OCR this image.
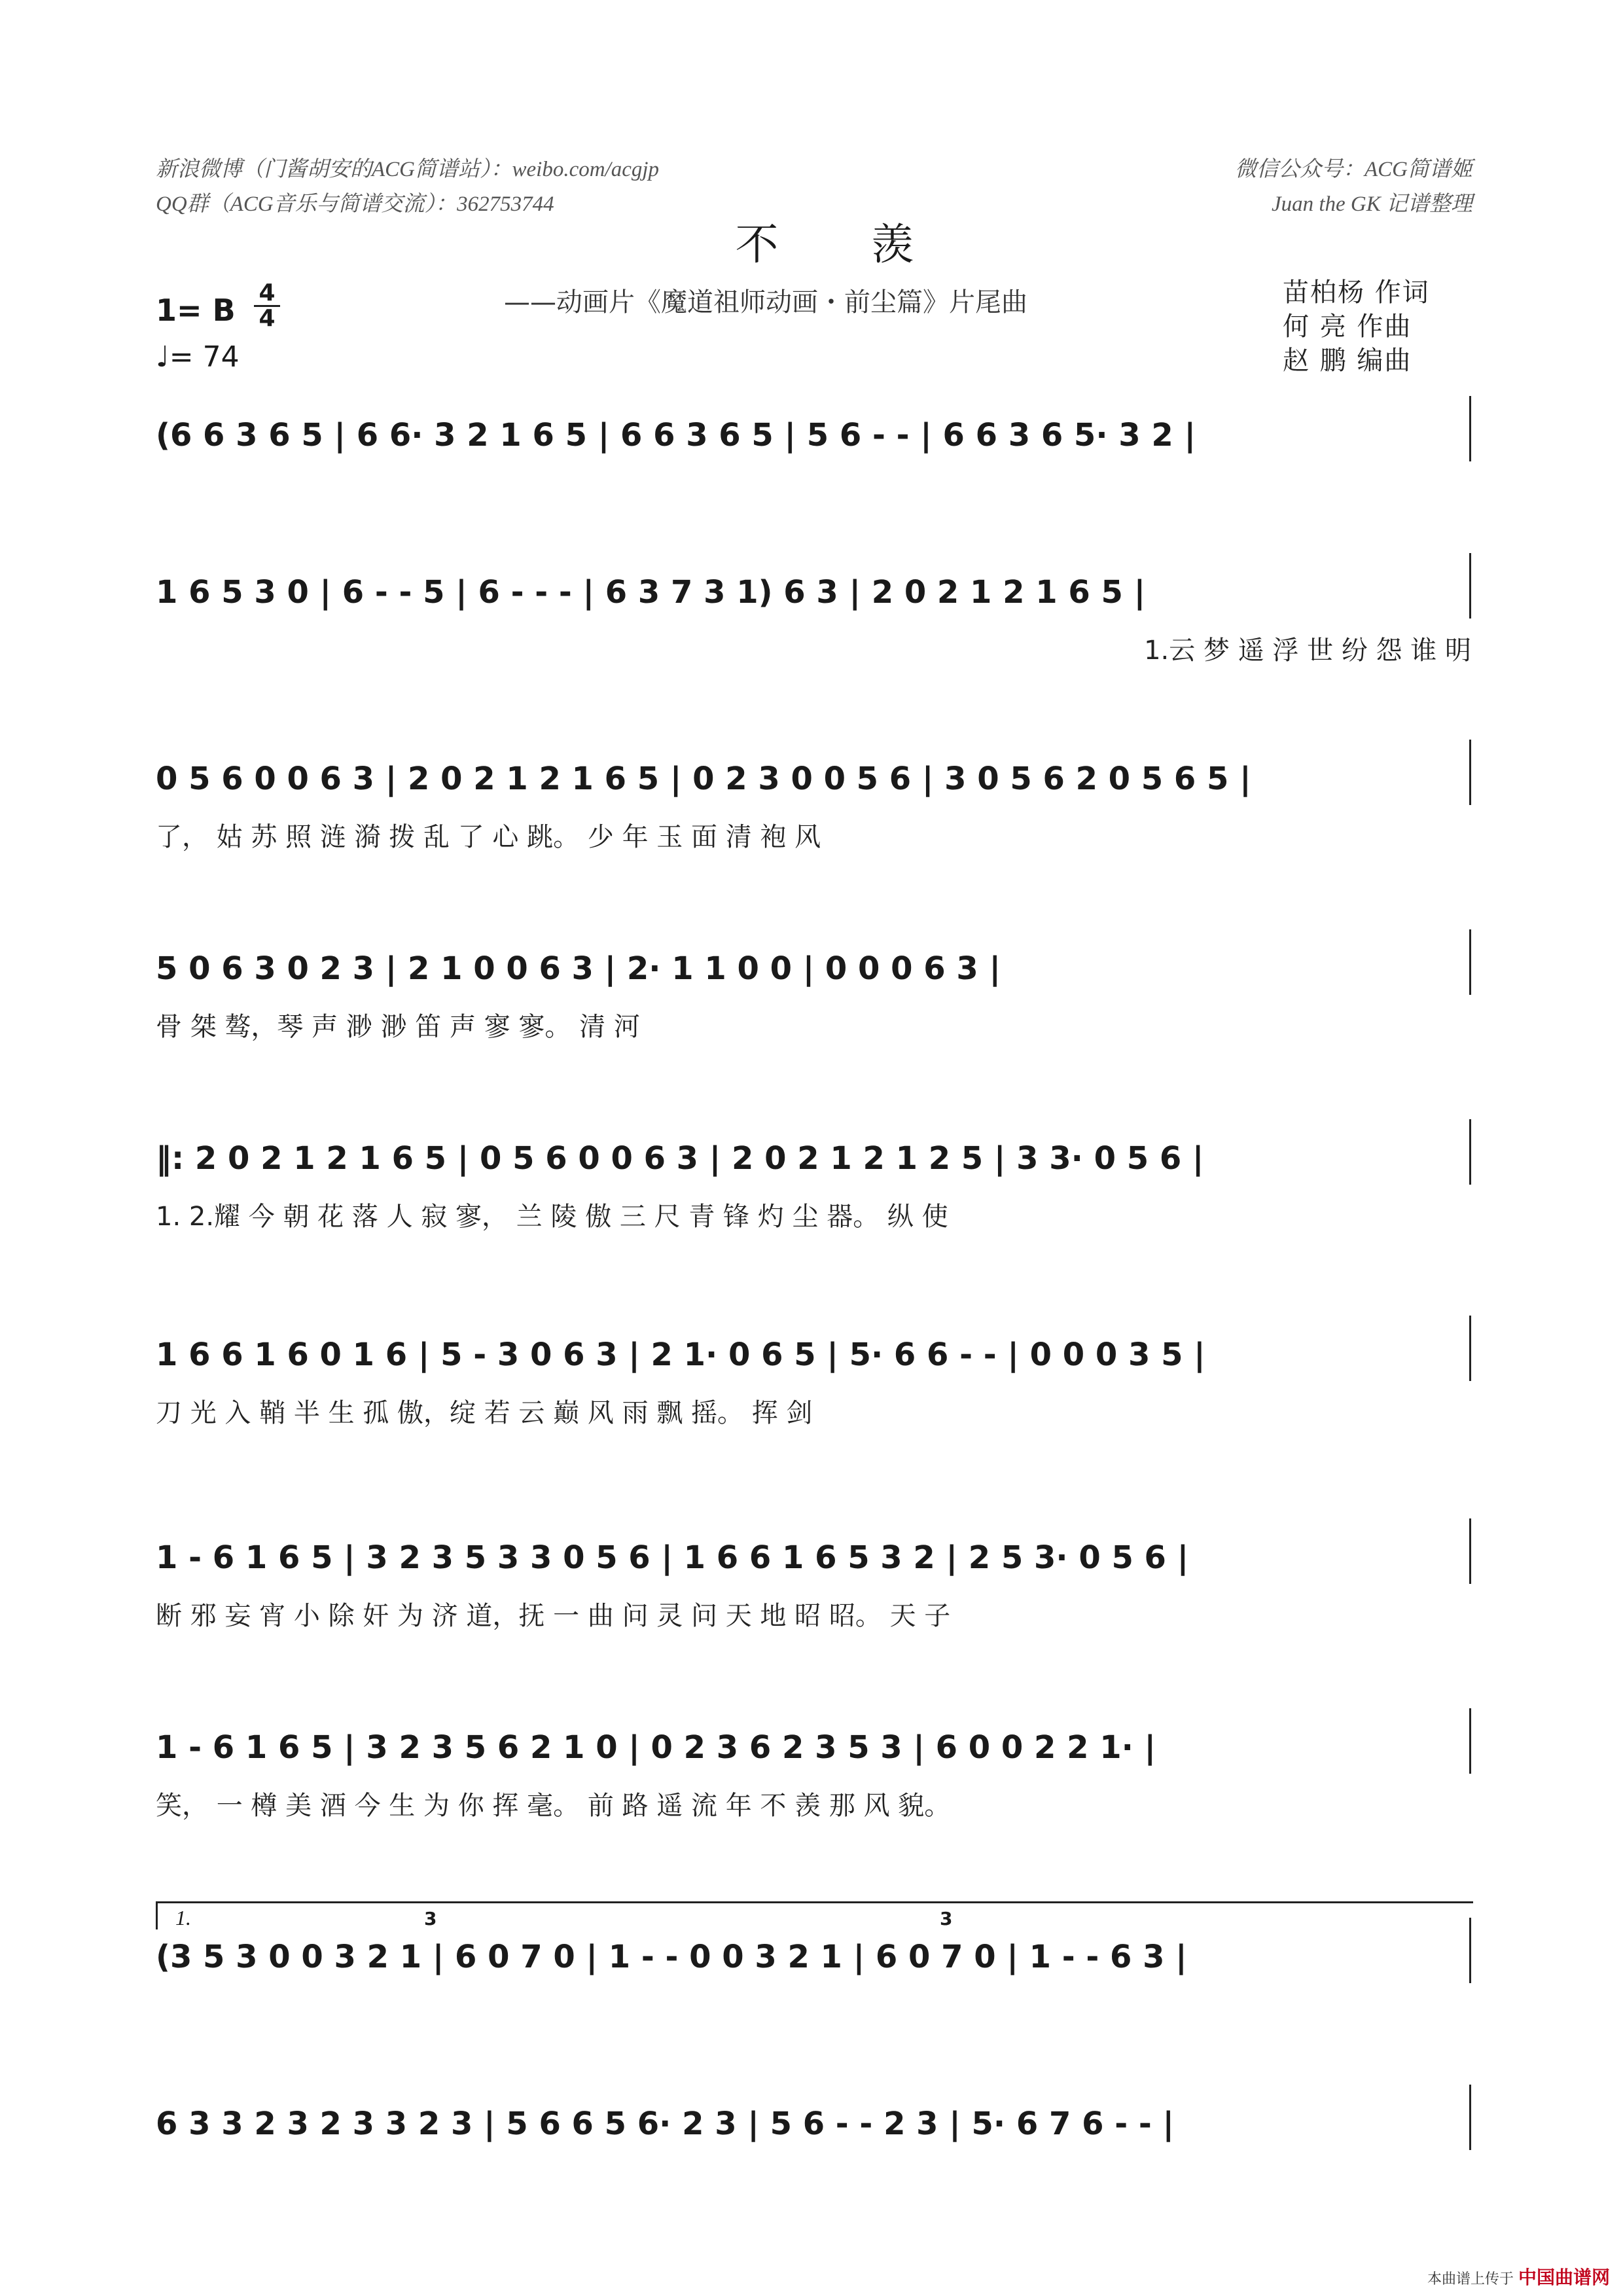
新浪微博（门酱胡安的ACG简谱站）：weibo.com/acgjp
QQ群（ACG音乐与简谱交流）：362753744
微信公众号：ACG简谱姬
Juan the GK 记谱整理
不 羡
——动画片《魔道祖师动画・前尘篇》片尾曲
1= B 4
4
♩= 74
苗柏杨 作词
何 亮 作曲
赵 鹏 编曲
(6 6 3 6 5 | 6 6· 3 2 1 6 5 | 6 6 3 6 5 | 5 6 - - | 6 6 3 6 5· 3 2 |
1 6 5 3 0 | 6 - - 5 | 6 - - - | 6 3 7 3 1) 6 3 | 2 0 2 1 2 1 6 5 |
1.云 梦 遥 浮 世 纷 怨 谁 明
0 5 6 0 0 6 3 | 2 0 2 1 2 1 6 5 | 0 2 3 0 0 5 6 | 3 0 5 6 2 0 5 6 5 |
了， 姑 苏 照 涟 漪 拨 乱 了 心 跳。 少 年 玉 面 清 袍 风
5 0 6 3 0 2 3 | 2 1 0 0 6 3 | 2· 1 1 0 0 | 0 0 0 6 3 |
骨 桀 骜，琴 声 渺 渺 笛 声 寥 寥。 清 河
‖: 2 0 2 1 2 1 6 5 | 0 5 6 0 0 6 3 | 2 0 2 1 2 1 2 5 | 3 3· 0 5 6 |
1. 2.耀 今 朝 花 落 人 寂 寥， 兰 陵 傲 三 尺 青 锋 灼 尘 器。 纵 使
1 6 6 1 6 0 1 6 | 5 - 3 0 6 3 | 2 1· 0 6 5 | 5· 6 6 - - | 0 0 0 3 5 |
刀 光 入 鞘 半 生 孤 傲，绽 若 云 巅 风 雨 飘 摇。 挥 剑
1 - 6 1 6 5 | 3 2 3 5 3 3 0 5 6 | 1 6 6 1 6 5 3 2 | 2 5 3· 0 5 6 |
断 邪 妄 宵 小 除 奸 为 济 道，抚 一 曲 问 灵 问 天 地 昭 昭。 天 子
1 - 6 1 6 5 | 3 2 3 5 6 2 1 0 | 0 2 3 6 2 3 5 3 | 6 0 0 2 2 1· |
笑， 一 樽 美 酒 今 生 为 你 挥 毫。 前 路 遥 流 年 不 羡 那 风 貌。
1.	3	3
(3 5 3 0 0 3 2 1 | 6 0 7 0 | 1 - - 0 0 3 2 1 | 6 0 7 0 | 1 - - 6 3 |
6 3 3 2 3 2 3 3 2 3 | 5 6 6 5 6· 2 3 | 5 6 - - 2 3 | 5· 6 7 6 - - |
本曲谱上传于 中国曲谱网
